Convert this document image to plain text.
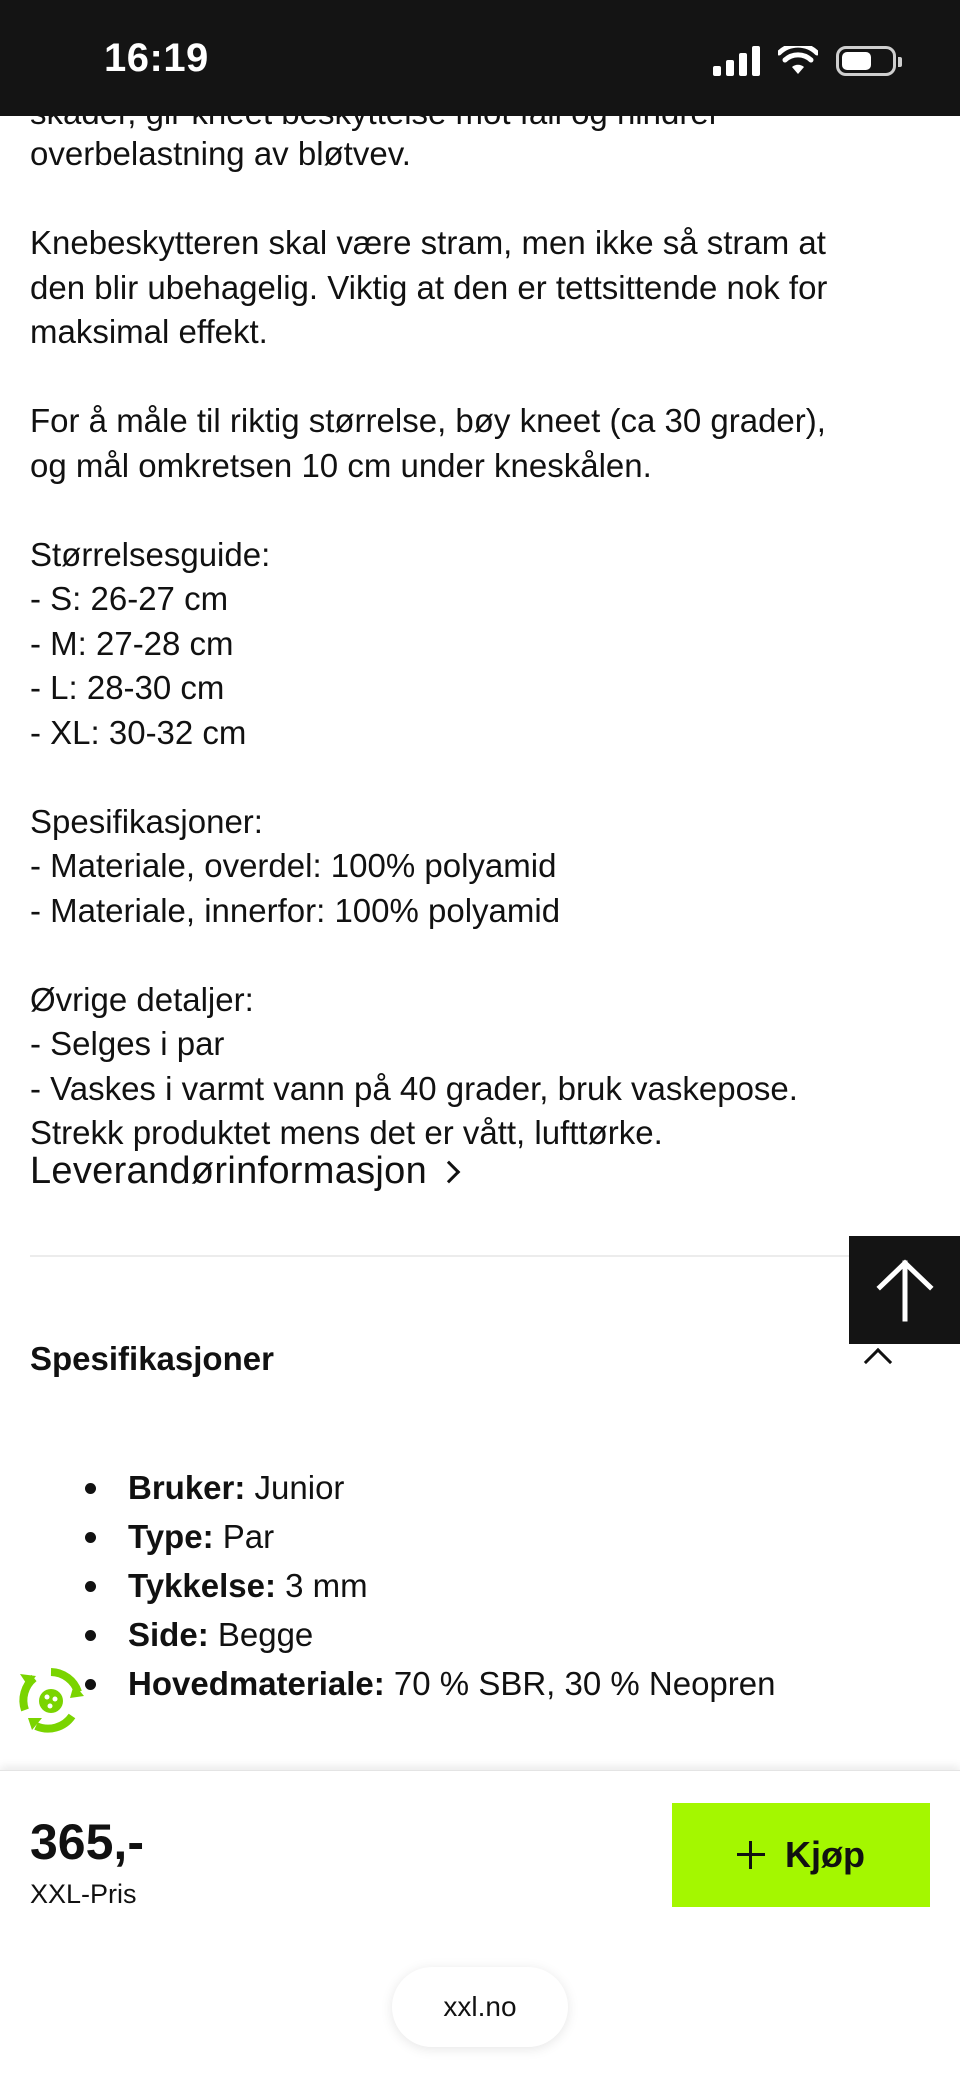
16:19

overbelastning av bløtvev.

Knebeskytteren skal være stram, men ikke så stram at
den blir ubehagelig. Viktig at den er tettsittende nok for
maksimal effekt.

For å måle til riktig størrelse, bøy kneet (ca 30 grader),
og mål omkretsen 10 cm under kneskålen.

Størrelsesguide:
- S: 26-27 cm
- M: 27-28 cm
- L: 28-30 cm
- XL: 30-32 cm

Spesifikasjoner:
- Materiale, overdel: 100% polyamid
- Materiale, innerfor: 100% polyamid

Øvrige detaljer:
- Selges i par
- Vaskes i varmt vann på 40 grader, bruk vaskepose.
Strekk produktet mens det er vått, lufttørke.

Leverandørinformasjon
Spesifikasjoner
Bruker: Junior
Type: Par
Tykkelse: 3 mm
Side: Begge
Hovedmateriale: 70 % SBR, 30 % Neopren
365,-
XXL-Pris
Kjøp
xxl.no
